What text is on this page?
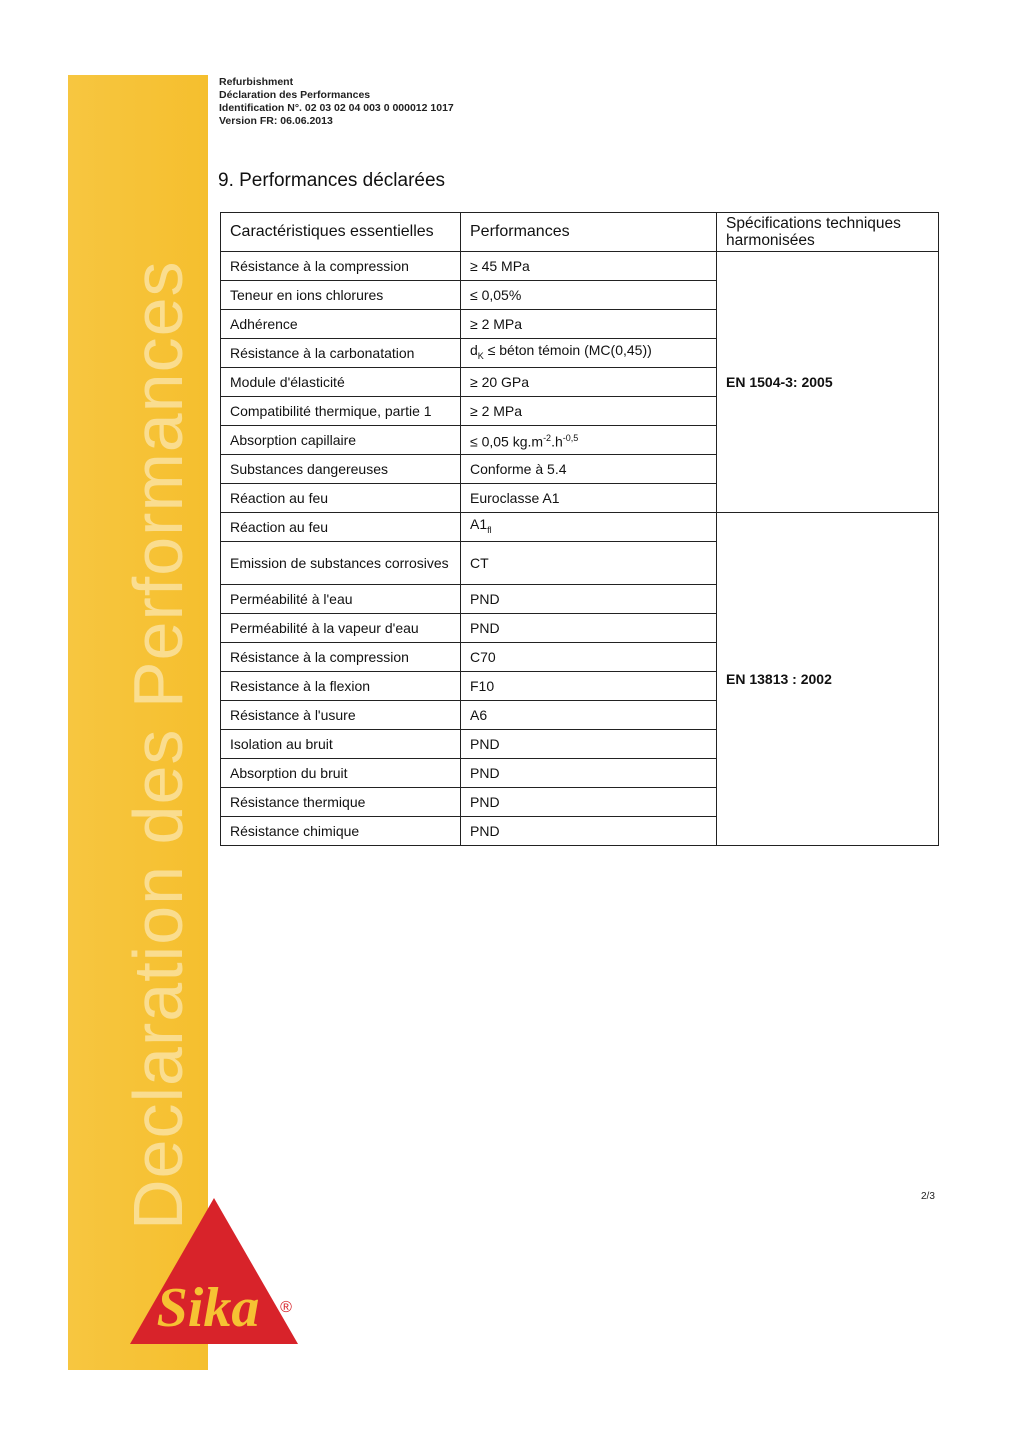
Declaration des Performances
Sika ®
Refurbishment
Déclaration des Performances
Identification N°. 02 03 02 04 003 0 000012 1017
Version FR: 06.06.2013
9. Performances déclarées
Caractéristiques essentielles	Performances	Spécifications techniques harmonisées
Résistance à la compression	≥ 45 MPa	EN 1504-3: 2005
Teneur en ions chlorures	≤ 0,05%	
Adhérence	≥ 2 MPa	
Résistance à la carbonatation	$d_K$ ≤ béton témoin (MC(0,45))	
Module d'élasticité	≥ 20 GPa	
Compatibilité thermique, partie 1	≥ 2 MPa	
Absorption capillaire	≤ 0,05 $kg.m^{-2}.h^{-0,5}$
Substances dangereuses	Conforme à 5.4	
Réaction au feu	Euroclasse A1	
Réaction au feu	$A1_{fl}$	EN 13813 : 2002
Emission de substances corrosives	CT	
Perméabilité à l'eau	PND	
Perméabilité à la vapeur d'eau	PND	
Résistance à la compression	C70	
Resistance à la flexion	F10	
Résistance à l'usure	A6	
Isolation au bruit	PND	
Absorption du bruit	PND	
Résistance thermique	PND	
Résistance chimique	PND	
2/3
